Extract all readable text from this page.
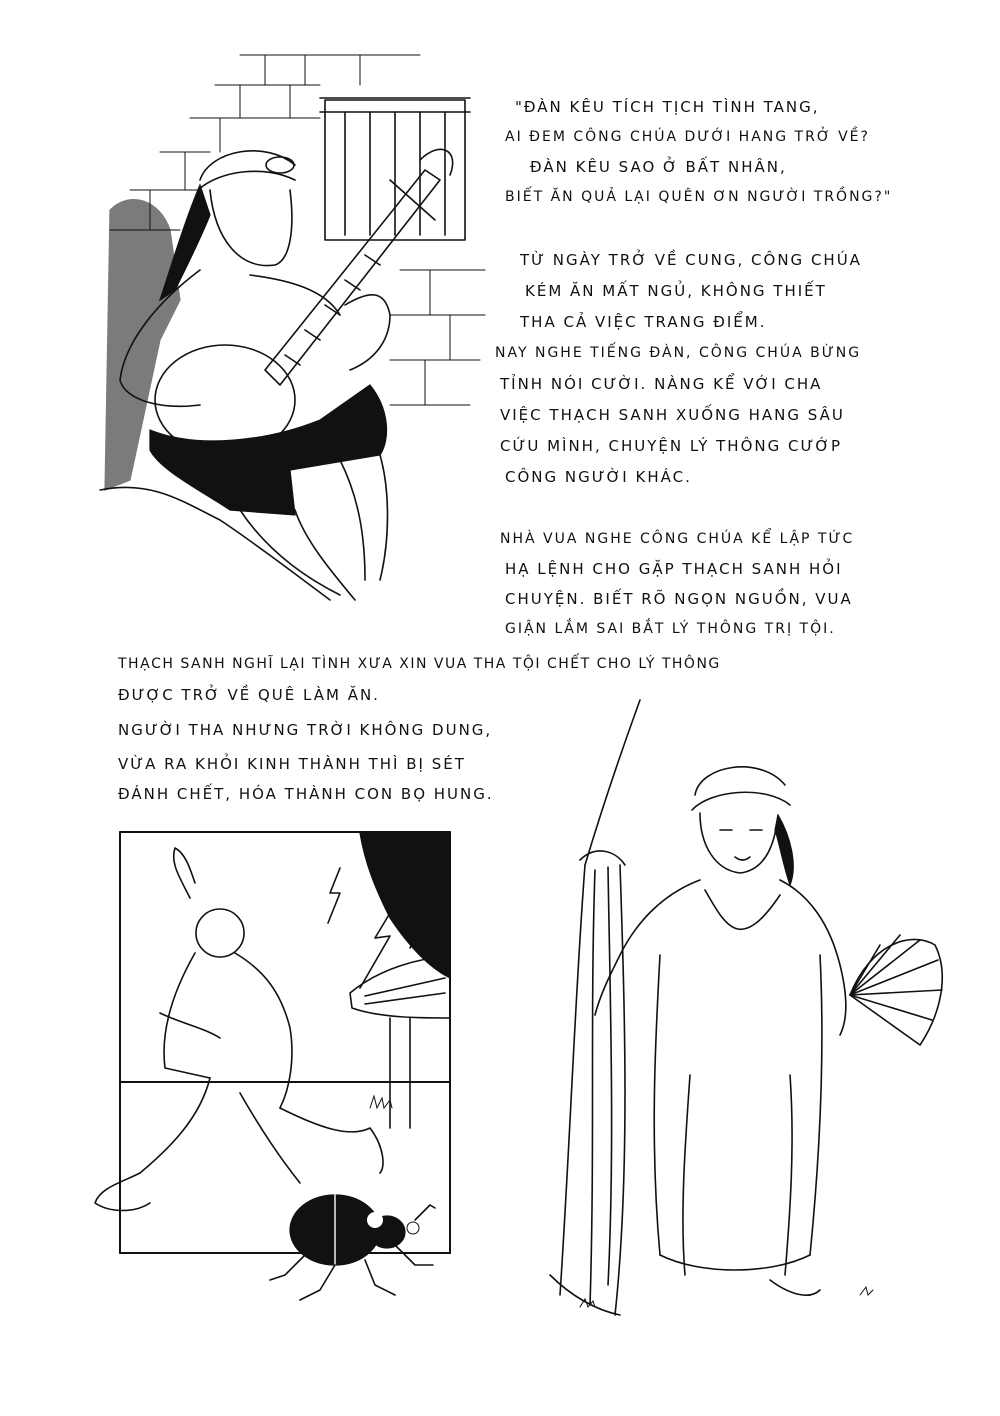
"ĐÀN KÊU TÍCH TỊCH TÌNH TANG,
AI ĐEM CÔNG CHÚA DƯỚI HANG TRỞ VỀ?
ĐÀN KÊU SAO Ở BẤT NHÂN,
BIẾT ĂN QUẢ LẠI QUÊN ƠN NGƯỜI TRỒNG?"
TỪ NGÀY TRỞ VỀ CUNG, CÔNG CHÚA
KÉM ĂN MẤT NGỦ, KHÔNG THIẾT
THA CẢ VIỆC TRANG ĐIỂM.
NAY NGHE TIẾNG ĐÀN, CÔNG CHÚA BỪNG
TỈNH NÓI CƯỜI. NÀNG KỂ VỚI CHA
VIỆC THẠCH SANH XUỐNG HANG SÂU
CỨU MÌNH, CHUYỆN LÝ THÔNG CƯỚP
CÔNG NGƯỜI KHÁC.
NHÀ VUA NGHE CÔNG CHÚA KỂ LẬP TỨC
HẠ LỆNH CHO GẶP THẠCH SANH HỎI
CHUYỆN. BIẾT RÕ NGỌN NGUỒN, VUA
GIẬN LẮM SAI BẮT LÝ THÔNG TRỊ TỘI.
THẠCH SANH NGHĨ LẠI TÌNH XƯA XIN VUA THA TỘI CHẾT CHO LÝ THÔNG
ĐƯỢC TRỞ VỀ QUÊ LÀM ĂN.
NGƯỜI THA NHƯNG TRỜI KHÔNG DUNG,
VỪA RA KHỎI KINH THÀNH THÌ BỊ SÉT
ĐÁNH CHẾT, HÓA THÀNH CON BỌ HUNG.
